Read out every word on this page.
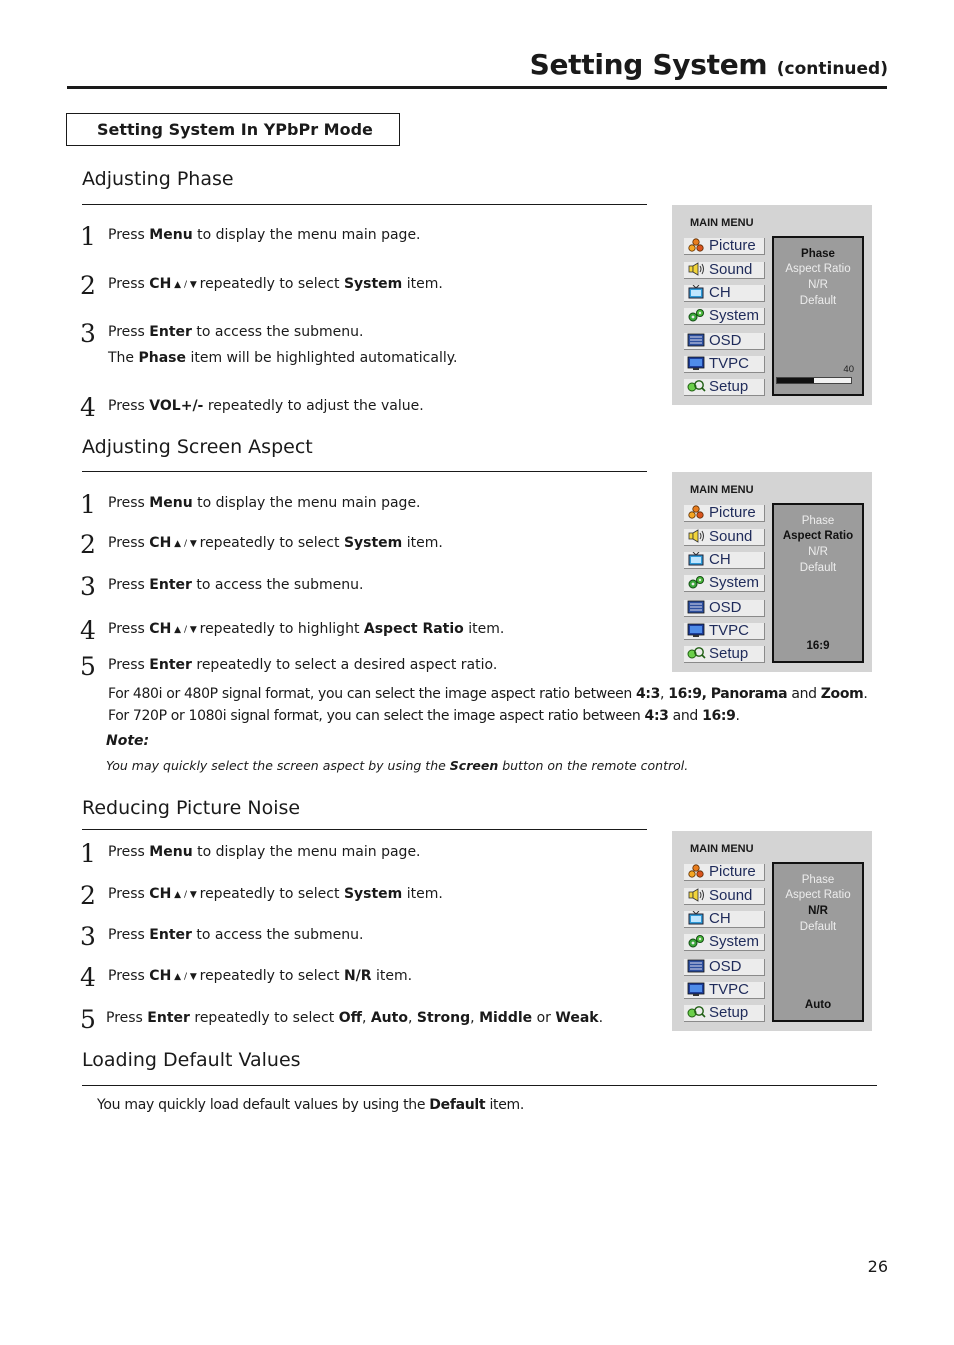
Setting System (continued)
Setting System In YPbPr Mode
Adjusting Phase
1 Press Menu to display the menu main page.
2 Press CH ▲ / ▼ repeatedly to select System item.
3 Press Enter to access the submenu.
The Phase item will be highlighted automatically.
4 Press VOL+/- repeatedly to adjust the value.
Adjusting Screen Aspect
1 Press Menu to display the menu main page.
2 Press CH ▲ / ▼ repeatedly to select System item.
3 Press Enter to access the submenu.
4 Press CH ▲ / ▼ repeatedly to highlight Aspect Ratio item.
5 Press Enter repeatedly to select a desired aspect ratio.
For 480i or 480P signal format, you can select the image aspect ratio between 4:3, 16:9, Panorama and Zoom.
For 720P or 1080i signal format, you can select the image aspect ratio between 4:3 and 16:9.
Note:
You may quickly select the screen aspect by using the Screen button on the remote control.
Reducing Picture Noise
1 Press Menu to display the menu main page.
2 Press CH ▲ / ▼ repeatedly to select System item.
3 Press Enter to access the submenu.
4 Press CH ▲ / ▼ repeatedly to select N/R item.
5 Press Enter repeatedly to select Off, Auto, Strong, Middle or Weak.
Loading Default Values
You may quickly load default values by using the Default item.
MAIN MENU
Picture
Sound
CH
System
OSD
TVPC
Setup
Phase
Aspect Ratio
N/R
Default
40
MAIN MENU
Picture
Sound
CH
System
OSD
TVPC
Setup
Phase
Aspect Ratio
N/R
Default
16:9
MAIN MENU
Picture
Sound
CH
System
OSD
TVPC
Setup
Phase
Aspect Ratio
N/R
Default
Auto
26
